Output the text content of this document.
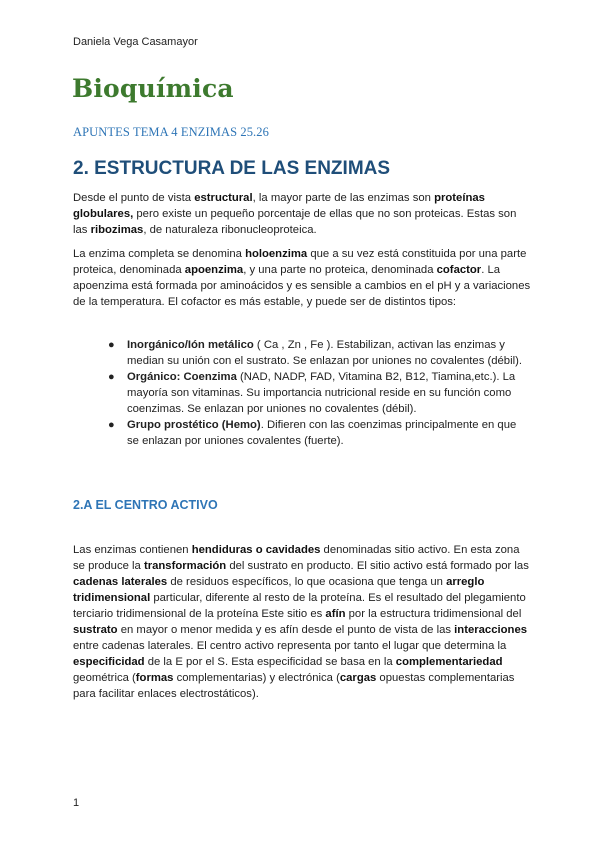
Daniela Vega Casamayor
Bioquímica
APUNTES TEMA 4 ENZIMAS 25.26
2. ESTRUCTURA DE LAS ENZIMAS

Desde el punto de vista estructural, la mayor parte de las enzimas son proteínas globulares, pero existe un pequeño porcentaje de ellas que no son proteicas. Estas son las ribozimas, de naturaleza ribonucleoproteica.

La enzima completa se denomina holoenzima que a su vez está constituida por una parte proteica, denominada apoenzima, y una parte no proteica, denominada cofactor. La apoenzima está formada por aminoácidos y es sensible a cambios en el pH y a variaciones de la temperatura. El cofactor es más estable, y puede ser de distintos tipos:

● Inorgánico/Ión metálico ( Ca , Zn , Fe ). Estabilizan, activan las enzimas y median su unión con el sustrato. Se enlazan por uniones no covalentes (débil).
● Orgánico: Coenzima (NAD, NADP, FAD, Vitamina B2, B12, Tiamina,etc.). La mayoría son vitaminas. Su importancia nutricional reside en su función como coenzimas. Se enlazan por uniones no covalentes (débil).
● Grupo prostético (Hemo). Difieren con las coenzimas principalmente en que se enlazan por uniones covalentes (fuerte).
2.A EL CENTRO ACTIVO

Las enzimas contienen hendiduras o cavidades denominadas sitio activo. En esta zona se produce la transformación del sustrato en producto. El sitio activo está formado por las cadenas laterales de residuos específicos, lo que ocasiona que tenga un arreglo tridimensional particular, diferente al resto de la proteína. Es el resultado del plegamiento terciario tridimensional de la proteína Este sitio es afín por la estructura tridimensional del sustrato en mayor o menor medida y es afín desde el punto de vista de las interacciones entre cadenas laterales. El centro activo representa por tanto el lugar que determina la especificidad de la E por el S. Esta especificidad se basa en la complementariedad geométrica (formas complementarias) y electrónica (cargas opuestas complementarias para facilitar enlaces electrostáticos).

1
